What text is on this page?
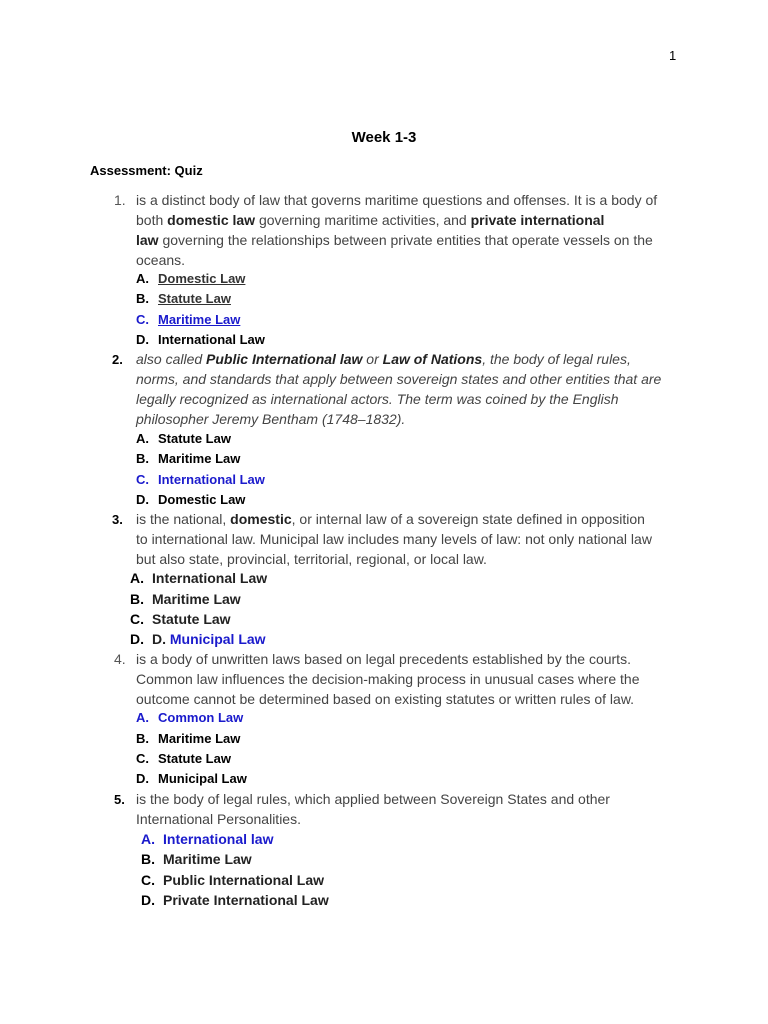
1
Week 1-3
Assessment: Quiz
1. is a distinct body of law that governs maritime questions and offenses. It is a body of
both domestic law governing maritime activities, and private international
law governing the relationships between private entities that operate vessels on the
oceans.
A. Domestic Law
B. Statute Law
C. Maritime Law
D. International Law
2. also called Public International law or Law of Nations, the body of legal rules,
norms, and standards that apply between sovereign states and other entities that are
legally recognized as international actors. The term was coined by the English
philosopher Jeremy Bentham (1748–1832).
A. Statute Law
B. Maritime Law
C. International Law
D. Domestic Law
3. is the national, domestic, or internal law of a sovereign state defined in opposition
to international law. Municipal law includes many levels of law: not only national law
but also state, provincial, territorial, regional, or local law.
A. International Law
B. Maritime Law
C. Statute Law
D. D. Municipal Law
4. is a body of unwritten laws based on legal precedents established by the courts.
Common law influences the decision-making process in unusual cases where the
outcome cannot be determined based on existing statutes or written rules of law.
A. Common Law
B. Maritime Law
C. Statute Law
D. Municipal Law
5. is the body of legal rules, which applied between Sovereign States and other
International Personalities.
A. International law
B. Maritime Law
C. Public International Law
D. Private International Law
